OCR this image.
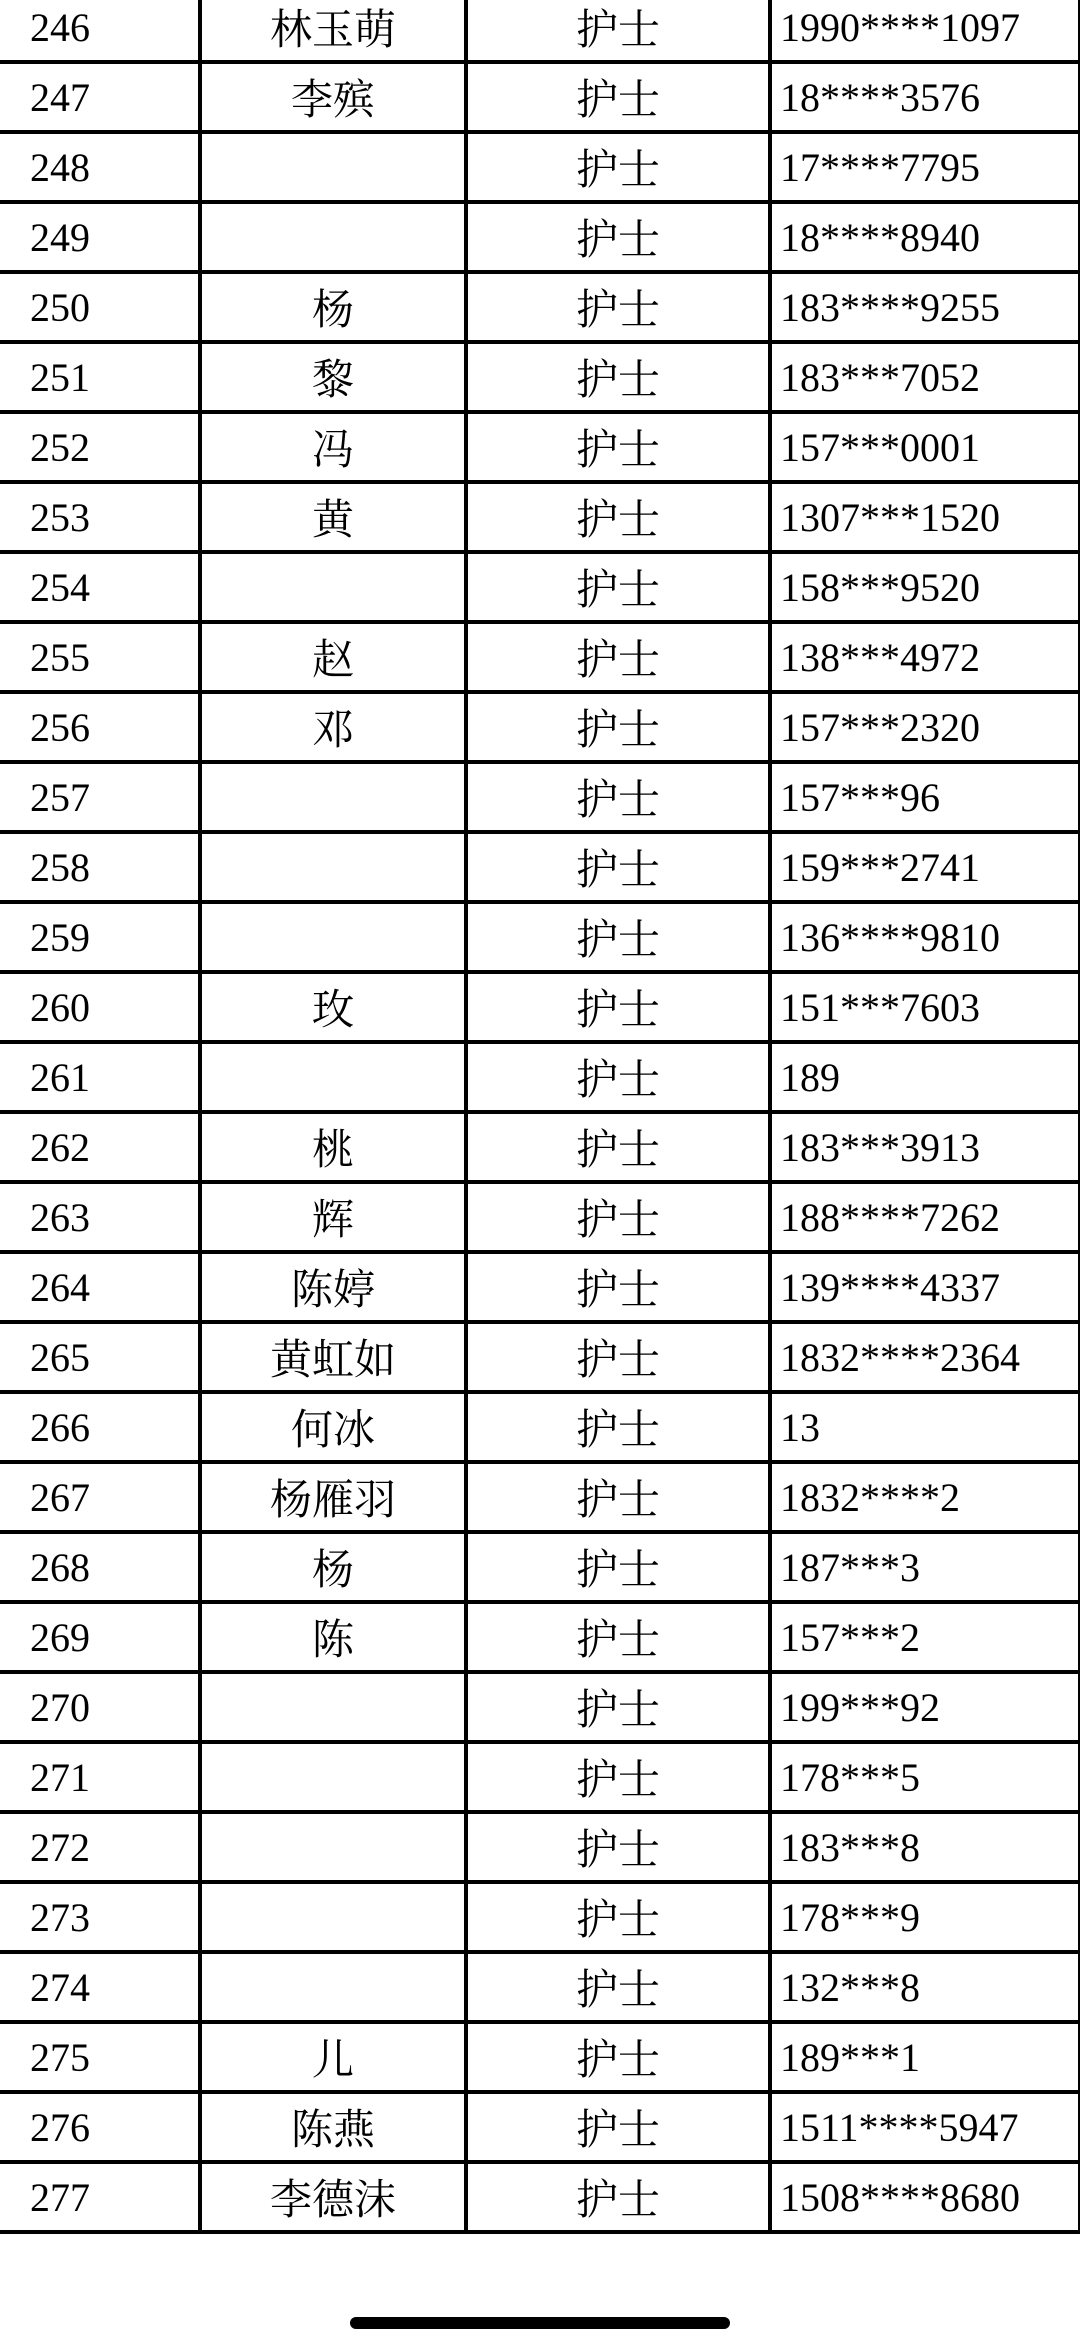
246	林玉萌	护士	1990****1097
247	李殡	护士	18****3576
248		护士	17****7795
249		护士	18****8940
250	杨	护士	183****9255
251	黎	护士	183***7052
252	冯	护士	157***0001
253	黄	护士	1307***1520
254		护士	158***9520
255	赵	护士	138***4972
256	邓	护士	157***2320
257		护士	157***96
258		护士	159***2741
259		护士	136****9810
260	玫	护士	151***7603
261		护士	189
262	桃	护士	183***3913
263	辉	护士	188****7262
264	陈婷	护士	139****4337
265	黄虹如	护士	1832****2364
266	何冰	护士	13
267	杨雁羽	护士	1832****2
268	杨	护士	187***3
269	陈	护士	157***2
270		护士	199***92
271		护士	178***5
272		护士	183***8
273		护士	178***9
274		护士	132***8
275	儿	护士	189***1
276	陈燕	护士	1511****5947
277	李德沫	护士	1508****8680
